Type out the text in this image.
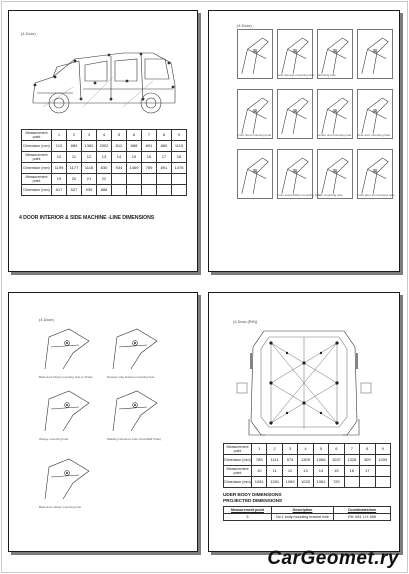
(4 Door)
Measurement point	1	2	3	4	5	6	7	8	9
Dimension (mm)	110	889	1382	2002	812	888	891	880	1119
Measurement point	10	11	12	13	14	15	16	17	18
Dimension (mm)	1199	1177	1116	830	934	1469	789	891	1476
Measurement point	19	20	21	22					
Dimension (mm)	617	527	939	888					
4 DOOR INTERIOR & SIDE MACHINE -LINE DIMENSIONS
(4 Door)
Hole harness mounting hole Mounting hole
Front hood mounting hole	Center unit mounting hole Rear door mounting hole
Front seat beltline mounting hole
Trim mounting hole	Front door trim harness hole
(4 Door)
Back door hinge mounting hole (L Prele)	Damper stay bracket mounting hole
Wedge mounting hole	Welding reference hole (Lhs/OEM Prele)
Back door striker mounting hole
(4 Door (RH))
Measurement point	1	2	3	4	5	6	7	8	9
Dimension (mm)	785	1111	574	1309	1066	1037	1328	409	1209
Measurement point	10	11	12	13	14	15	16	17	
Dimension (mm)	1081	1281	1089	1020	1081	720			
UDER BODY DIMENSIONS
PROJECTED DIMENSIONS
Measurement point	Description	Coordinates/mm
5	No.1 body mounting bracket hole	RH: 654, LH: 658
CarGeomet.ry
